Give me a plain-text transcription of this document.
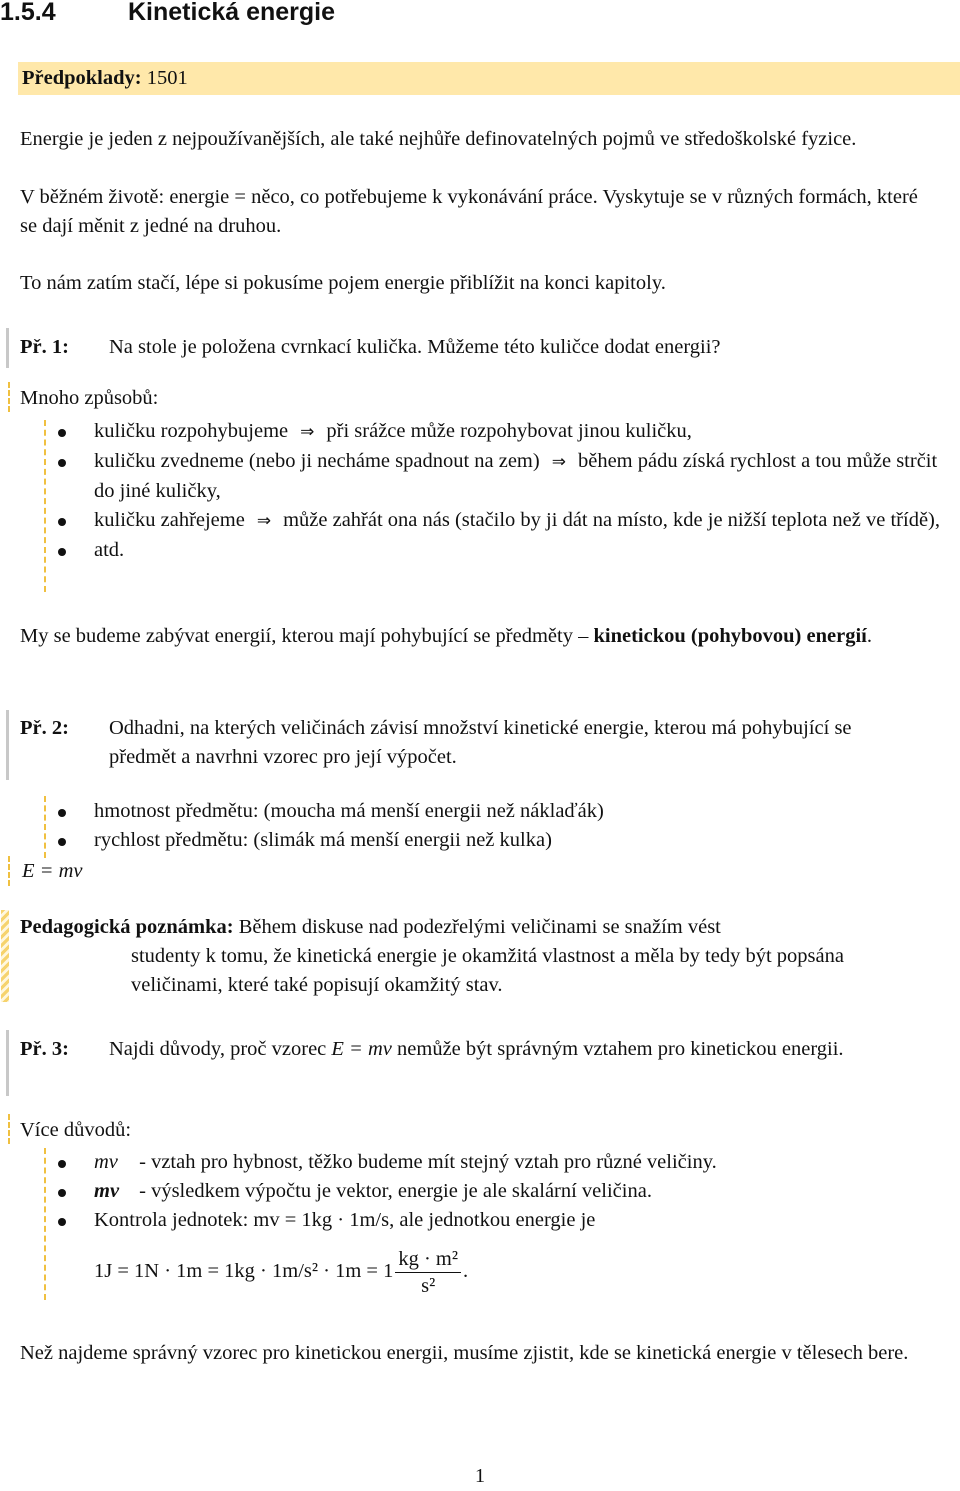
1.5.4	Kinetická energie
Předpoklady: 1501
Energie je jeden z nejpoužívanějších, ale také nejhůře definovatelných pojmů ve středoškolské fyzice.
V běžném životě: energie = něco, co potřebujeme k vykonávání práce. Vyskytuje se v různých formách, které se dají měnit z jedné na druhou.
To nám zatím stačí, lépe si pokusíme pojem energie přiblížit na konci kapitoly.
Př. 1: Na stole je položena cvrnkací kulička. Můžeme této kuličce dodat energii?
Mnoho způsobů:
kuličku rozpohybujeme ⇒ při srážce může rozpohybovat jinou kuličku,
kuličku zvedneme (nebo ji necháme spadnout na zem) ⇒ během pádu získá rychlost a tou může strčit do jiné kuličky,
kuličku zahřejeme ⇒ může zahřát ona nás (stačilo by ji dát na místo, kde je nižší teplota než ve třídě),
atd.
My se budeme zabývat energií, kterou mají pohybující se předměty – kinetickou (pohybovou) energií.
Př. 2: Odhadni, na kterých veličinách závisí množství kinetické energie, kterou má pohybující se předmět a navrhni vzorec pro její výpočet.
hmotnost předmětu: (moucha má menší energii než náklaďák)
rychlost předmětu: (slimák má menší energii než kulka)
E = mv
Pedagogická poznámka: Během diskuse nad podezřelými veličinami se snažím vést
studenty k tomu, že kinetická energie je okamžitá vlastnost a měla by tedy být popsána veličinami, které také popisují okamžitý stav.
Př. 3: Najdi důvody, proč vzorec E = mv nemůže být správným vztahem pro kinetickou energii.
Více důvodů:
mv - vztah pro hybnost, těžko budeme mít stejný vztah pro různé veličiny.
mv - výsledkem výpočtu je vektor, energie je ale skalární veličina.
Kontrola jednotek: mv = 1kg · 1m/s, ale jednotkou energie je
$1J = 1N \cdot 1m = 1kg \cdot 1m/s^2 \cdot 1m = 1 \frac{\text{kg · m²}}{\text{s²}}$ .
Než najdeme správný vzorec pro kinetickou energii, musíme zjistit, kde se kinetická energie v tělesech bere.
1
